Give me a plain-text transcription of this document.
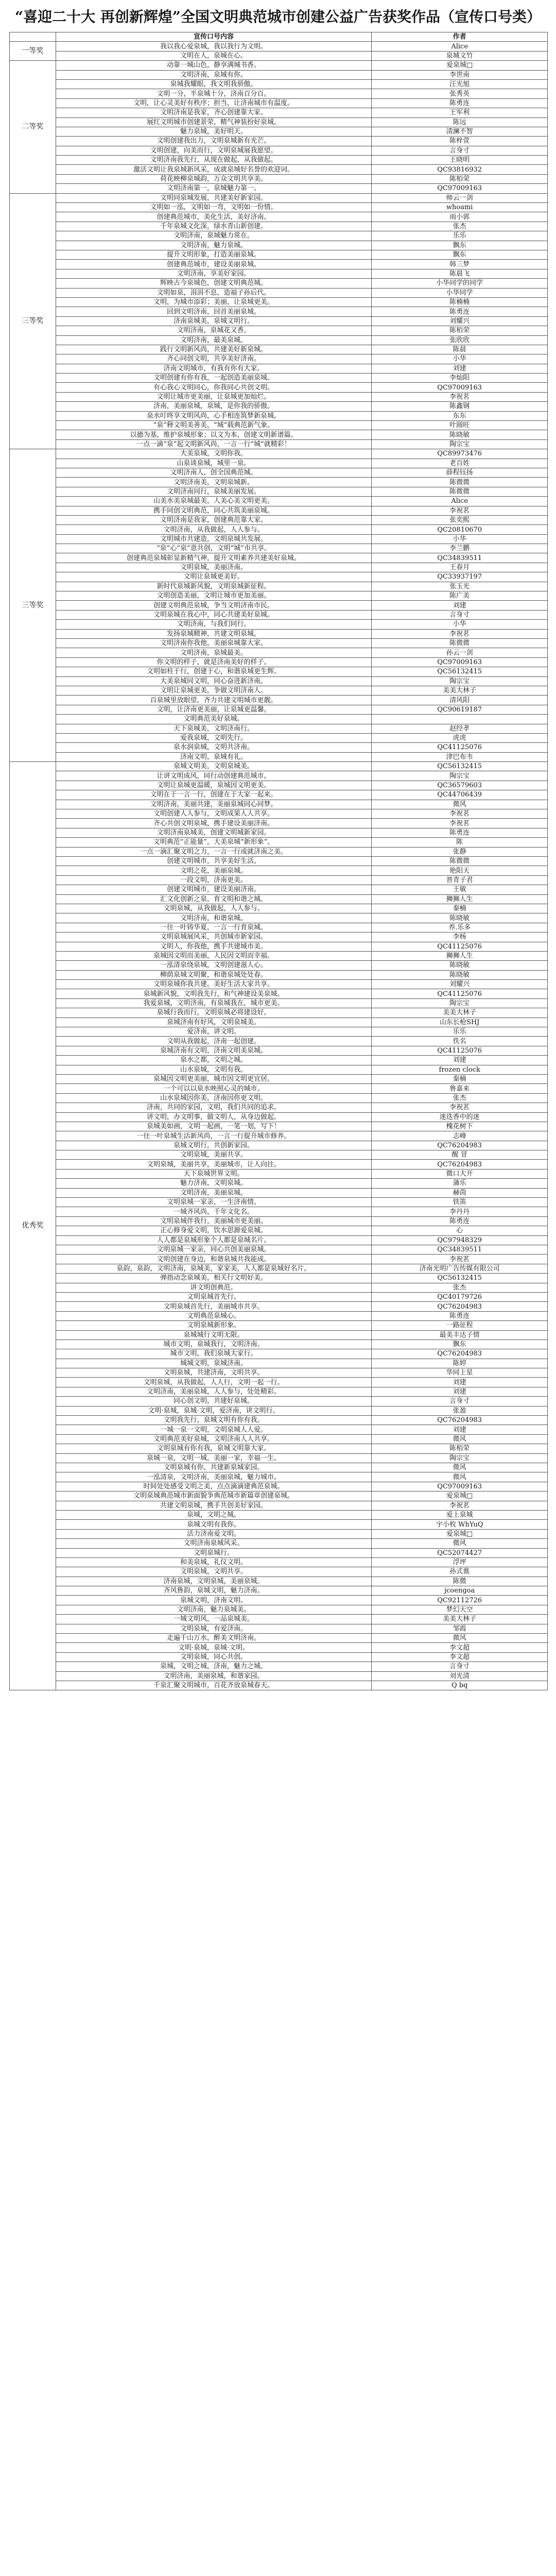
“喜迎二十大 再创新辉煌”全国文明典范城市创建公益广告获奖作品（宣传口号类）
	宣传口号内容	作者
一等奖	我以我心爱泉城，我以我行为文明。	Alice
	文明在人，泉城在心。	泉城文竹
二等奖	动靠一城山色，静享满城书香。	爱泉城□
	文明济南，泉城有你。	李世南
	泉城我耀眼，我文明我骄傲。	汪光旭
	文明一分，半泉城十分，济南百分百。	张秀英
	文明，让心灵美好有秩序；担当，让济南城市有温度。	陈勇连
	文明济南是我家，齐心创建靠大家。	王军利
	展红文明城市创建景荣，精气神装扮好泉城。	陈远
	魅力泉城，美好明天。	清澜不智
	文明创建我出力，文明泉城新有光芒。	陈梓萱
	文明创建，向美而行，文明泉城展我愿望。	言身寸
	文明济南我先行，从现在做起，从我做起。	王晓明
	激活文明让我泉城新风采，成就泉城好名誉的欢迎词。	QC93816932
	荷花映柳泉城韵，万众文明共享美。	陈栢荣
	文明济南第一，泉城魅力第一。	QC97009163
三等奖	文明同泉城发展，共建美好新家园。	师云一剑
	文明如一泓，文明如一弯，文明如一份情。	whoami
	创建典范城市，美化生活，美好济南。	雨小郭
	千年泉城文化深，绿水青山新创建。	张杰
	文明济南，泉城魅力常在。	乐乐
	文明济南，魅力泉城。	飘东
	提升文明形象，打造美丽泉城。	飘东
	创建典范城市，建设美丽泉城。	韩三梦
	文明济南，享美好家园。	陈晨飞
	辉映古今泉城色，创建文明典范城。	小华同学的同学
	文明如泉，涓涓不息，造福子孙后代。	小华同学
	文明，为城市添彩；美丽，让泉城更美。	陈楠楠
	回到文明济南，回首美丽泉城。	陈勇连
	济南泉城美，泉城文明行。	刘耀兴
	文明济南，泉城花又香。	陈栢荣
	文明济南，最美泉城。	张欣欣
	践行文明新风尚，共建美好新泉城。	陈晨
	齐心同创文明，共享美好济南。	小华
	济南文明城市，有我有你有大家。	刘建
	文明创建有你有我，一起创造美丽泉城。	李灿阳
	有心我心文明同心，你我同心共创文明。	QC97009163
	文明让城市更美丽，让泉城更加灿烂。	李祝茗
	济南，美丽泉城，泉城，是你我的骄傲。	陈鑫钢
	泉水叮咚享文明风尚，心手相连筑梦新泉城。	东东
	“泉”释文明美善美，“城”载典范新气象。	叶圆旺
	以德为基，维护泉城形象；以文为本，创建文明新谱篇。	陈晓敏
	一点一滴“泉”起文明新风尚，一言一行“城”就精彩！	陶宗宝
三等奖	大美泉城，文明你我。	QC89973476
	山泉谈泉城，城里一泉。	老百姓
	文明济南人，创全国典范城。	薛程钰扬
	文明济南美，文明泉城新。	陈微微
	文明济南同行，泉城美丽发展。	陈微微
	山美水美泉城最美，人美心美文明更美。	Alice
	携手同创文明典范，同心共筑美丽泉城。	李祝茗
	文明济南是我家，创建典范靠大家。	张奕熙
	文明济南，从我做起，人人参与。	QC20810670
	文明城市共建造，文明泉城共发展。	小华
	“泉”心“泉”意共创，文明“城”市共享。	李兰鹏
	创建典范泉城彰显新精气神，提升文明素养共建美好泉城。	QC34839511
	文明泉城，美丽济南。	王春月
	文明让泉城更美好。	QC33937197
	新时代泉城新风貌，文明泉城新征程。	张玉光
	文明创造美丽，文明让城市更加美丽。	陈广美
	创建文明典范泉城，争当文明济南市民。	刘建
	文明泉城在我心中，同心共建美好泉城。	言身寸
	文明济南，与我们同行。	小华
	发扬泉城精神，共建文明泉城。	李祝茗
	文明济南你我他，美丽泉城靠大家。	陈微微
	文明济南，泉城最美。	孙云一剑
	你文明的样子，就是济南美好的样子。	QC97009163
	文明如柱于行，创建于心，和谐泉城更生辉。	QC56132415
	大美泉城同文明，同心奋进新济南。	陶宗宝
	文明让泉城更美，争做文明济南人。	美美大林子
	百泉城里放眼望，齐力共建文明城市更靓。	清风阳
	文明，让济南更美丽，让泉城更温馨。	QC90619187
	文明典范美好泉城。	
	天下泉城美，文明济南行。	赵经孝
	爱我泉城，文明先行。	虎虎
	泉水润泉城，文明共济南。	QC41125076
	济南文明，泉城有礼。	津巴布韦
优秀奖	泉城文明美，文明泉城美。	QC56132415
	让讲文明成风，同行动创建典范城市。	陶宗宝
	文明让泉城更温暖，泉城因文明更美。	QC36579603
	文明在于一言一行，创建在于大家一起来。	QC44706439
	文明济南，美丽共建，美丽泉城同心同梦。	微风
	文明创建人人参与，文明成果人人共享。	李祝茗
	齐心共创文明泉城，携手建设美丽济南。	李祝茗
	文明济南泉城美，创建文明城新家园。	陈勇连
	文明典范“正能量”，大美泉城“新形象”。	陈
	一点一滴汇聚文明之力，一言一行成就济南之美。	张静
	创建文明城市，共享美好生活。	陈微微
	文明之花，美丽泉城。	艳阳天
	一段文明，济南更美。	晋青子君
	创建文明城市，建设美丽济南。	王敏
	汇文化创新之泉，育文明和谐之城。	狮狮人生
	文明泉城，从我做起，人人参与。	秦楠
	文明济南，和谐泉城。	陈晓敏
	一往一叶铸华夏，一言一行育泉城。	养.乐多
	文明泉城展风采，共创城市新家园。	李杨
	文明人，你我他，携手共建城市美。	QC41125076
	泉城因文明而美丽，人民因文明而幸福。	狮狮人生
	一泓清泉绕泉城，文明创建滋人心。	陈晓敏
	柳荫泉城文明聚，和谐泉城处处春。	陈晓敏
	文明泉城你我共建，美好生活大家共享。	刘耀兴
	泉城新风貌，文明我先行，和气神建设美泉城。	QC41125076
	我爱泉城，文明济南，有泉城我在，城市更美。	陶宗宝
	泉城行我而行，文明泉城必将建设好。	美美大林子
	泉城济南有好风，文明泉城美。	山东长枪SHJ
	爱济南，讲文明。	乐乐
	文明从我做起，济南一起创建。	佚名
	泉城济南有文明，济南文明美泉城。	QC41125076
	泉水之都，文明之城。	刘建
	山水泉城，文明有我。	frozen clock
	泉城因文明更美丽，城市因文明更宜居。	秦楠
	一个可以以泉水映照心灵的城市。	鲁嘉来
	山水泉城因你美，济南因你更文明。	张杰
	济南，共同的家园，文明，我们共同的追求。	李祝茗
	讲文明，办文明事，做文明人，从身边做起。	迷迭香中的迷
	泉城美如画，文明一起画，一笔一划，写下！	槐花树下
	一往一叶泉城生活新风尚，一言一行提升城市修养。	志峰
	泉城文明行，共创新家园。	QC76204983
	文明泉城，美丽共享。	醒 冒
	文明泉城，美丽共享，美丽城市，让人向往。	QC76204983
	天下泉城世界文明。	微口大开
	魅力济南，文明泉城。	蒲乐
	文明济南，美丽泉城。	赫茵
	文明泉城一家亲，一生济南情。	铁笛
	一城齐风尚，千年文化名。	李丹丹
	文明泉城伴我行，美丽城市更美丽。	陈勇连
	正心修身爱文明，饮水思源爱泉城。	心
	人人都是泉城形象个人都是泉城名片。	QC97948329
	文明泉城一家亲，同心共创美丽泉城。	QC34839511
	文明创建在身边，和谐泉城共我能成。	李祝茗
	泉韵，泉韵，文明济南，泉城美，家家美，人人都是泉城好名片。	济南光明广告传媒有限公司
	弹指动念泉城美，相关行文明好美。	QC56132415
	讲文明创典范。	张杰
	文明泉城首先行。	QC40179726
	文明泉城首先行，美丽城市共享。	QC76204983
	文明典范泉城心。	陈勇连
	文明泉城新形象。	一路征程
	泉城城行文明无限。	最美丰达子情
	城市文明，泉城我行，文明济南。	飘东
	城市文明，我们泉城大家行。	QC76204983
	城城文明，泉城济南。	陈婷
	文明泉城，共建济南，文明共享。	华同上星
	文明泉城，从我做起，人人行，文明一起一行。	刘建
	文明济南，美丽泉城，人人参与，处处精彩。	刘建
	同心创文明，共建好泉城。	言身寸
	文明·泉城，泉城·文明，爱济南，讲文明行。	张盈
	文明我先行，泉城文明有你有我。	QC76204983
	一城一泉一文明，文明泉城人人爱。	刘建
	文明典范美好泉城，文明济南人人共享。	微风
	文明泉城有你有我，泉城文明靠大家。	陈栢荣
	泉城一泉，文明一城，美丽一家，幸福一生。	陶宗宝
	文明泉城有你，共建新泉城家园。	微风
	一泓清泉，文明济南，美丽泉城，魅力城市。	微风
	时间处处感受文明之美，点点滴滴建典范泉城。	QC97009163
	文明泉城典范城市新面貌争典范城市新篇章创建泉城。	爱泉城□
	共建文明泉城，携手共创美好家园。	李祝茗
	泉城，文明之城。	爱上泉城
	泉城文明有我你。	宇小枚 WhYuQ
	活力济南爱文明。	爱泉城□
	文明济南泉城风采。	微风
	文明泉城行。	QC52074427
	和美泉城，礼仪文明。	浮坪
	文明泉城，文明共享。	孙式谯
	济南泉城，文明泉城，美丽泉城。	陈微
	齐风鲁韵，泉城文明，魅力济南。	jcoengoa
	泉城文明，济南文明。	QC92112726
	文明济南，魅力泉城美。	梦幻天空
	一城文明风，一品泉城美。	美美大林子
	文明泉城，有爱济南。	邹霞
	走遍千山万水，醉美文明济南。	微风
	文明·泉城，泉城·文明。	李文超
	文明泉城，同心共创。	李文超
	泉城，文明之城，济南，魅力之城。	言身寸
	文明济南，美丽泉城，和谐家园。	刘光清
	千泉汇聚文明城市，百花齐放泉城春天。	Q bq
